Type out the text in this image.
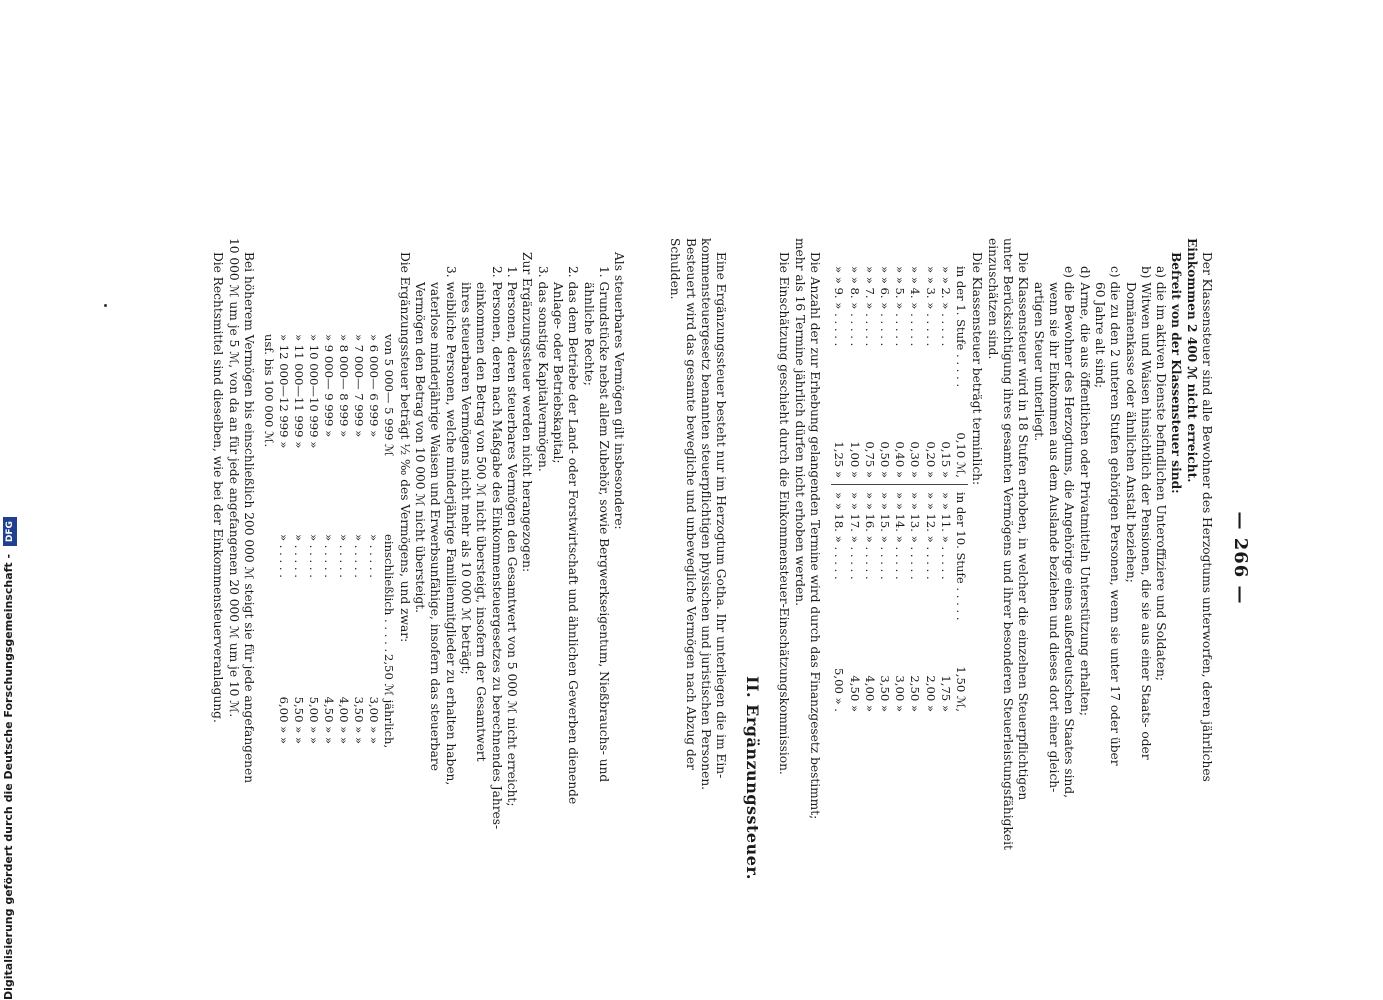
— 266 —
Der Klassensteuer sind alle Bewohner des Herzogtums unterworfen, deren jährliches
Einkommen 2 400 ℳ nicht erreicht.
Befreit von der Klassensteuer sind:
a) die im aktiven Dienste befindlichen Unteroffiziere und Soldaten;
b) Witwen und Waisen hinsichtlich der Pensionen, die sie aus einer Staats- oder
Domänenkasse oder ähnlichen Anstalt beziehen;
c) die zu den 2 unteren Stufen gehörigen Personen, wenn sie unter 17 oder über
60 Jahre alt sind;
d) Arme, die aus öffentlichen oder Privatmitteln Unterstützung erhalten;
e) die Bewohner des Herzogtums, die Angehörige eines außerdeutschen Staates sind,
wenn sie ihr Einkommen aus dem Auslande beziehen und dieses dort einer gleich-
artigen Steuer unterliegt.
Die Klassensteuer wird in 18 Stufen erhoben, in welcher die einzelnen Steuerpflichtigen
unter Berücksichtigung ihres gesamten Vermögens und ihrer besonderen Steuerleistungsfähigkeit
einzuschätzen sind.
Die Klassensteuer beträgt terminlich:
in der 1. Stufe . . . . .0,10 ℳ,in der 10. Stufe . . . . .1,50 ℳ,
» » 2. » . . . . .0,15 »» » 11. » . . . . .1,75 »
» » 3. » . . . . .0,20 »» » 12. » . . . . .2,00 »
» » 4. » . . . . .0,30 »» » 13. » . . . . .2,50 »
» » 5. » . . . . .0,40 »» » 14. » . . . . .3,00 »
» » 6. » . . . . .0,50 »» » 15. » . . . . .3,50 »
» » 7. » . . . . .0,75 »» » 16. » . . . . .4,00 »
» » 8. » . . . . .1,00 »» » 17. » . . . . .4,50 »
» » 9. » . . . . .1,25 »» » 18. » . . . . .5,00 » .
Die Anzahl der zur Erhebung gelangenden Termine wird durch das Finanzgesetz bestimmt;
mehr als 16 Termine jährlich dürfen nicht erhoben werden.
Die Einschätzung geschieht durch die Einkommensteuer-Einschätzungskommission.
II. Ergänzungssteuer.
Eine Ergänzungssteuer besteht nur im Herzogtum Gotha. Ihr unterliegen die im Ein-
kommensteuergesetz benannten steuerpflichtigen physischen und juristischen Personen.
Besteuert wird das gesamte bewegliche und unbewegliche Vermögen nach Abzug der
Schulden.
Als steuerbares Vermögen gilt insbesondere:
1. Grundstücke nebst allem Zubehör, sowie Bergwerkseigentum, Nießbrauchs- und
ähnliche Rechte;
2. das dem Betriebe der Land- oder Forstwirtschaft und ähnlichen Gewerben dienende
Anlage- oder Betriebskapital;
3. das sonstige Kapitalvermögen.
Zur Ergänzungssteuer werden nicht herangezogen:
1. Personen, deren steuerbares Vermögen den Gesamtwert von 5 000 ℳ nicht erreicht;
2. Personen, deren nach Maßgabe des Einkommensteuergesetzes zu berechnendes Jahres-
einkommen den Betrag von 500 ℳ nicht übersteigt, insofern der Gesamtwert
ihres steuerbaren Vermögens nicht mehr als 10 000 ℳ beträgt;
3. weibliche Personen, welche minderjährige Familienmitglieder zu erhalten haben,
vaterlose minderjährige Waisen und Erwerbsunfähige, insofern das steuerbare
Vermögen den Betrag von 10 000 ℳ nicht übersteigt.
Die Ergänzungssteuer beträgt ½ ‰ des Vermögens, und zwar:
von 5 000— 5 999 ℳeinschließlich . . . . .2,50 ℳ jährlich,
» 6 000— 6 999 »» . . . . .3,00 » »
» 7 000— 7 999 »» . . . . .3,50 » »
» 8 000— 8 999 »» . . . . .4,00 » »
» 9 000— 9 999 »» . . . . .4,50 » »
» 10 000—10 999 »» . . . . .5,00 » »
» 11 000—11 999 »» . . . . .5,50 » »
» 12 000—12 999 »» . . . . .6,00 » »
usf. bis 100 000 ℳ.
Bei höherem Vermögen bis einschließlich 200 000 ℳ steigt sie für jede angefangenen
10 000 ℳ um je 5 ℳ, von da an für jede angefangenen 20 000 ℳ um je 10 ℳ.
Die Rechtsmittel sind dieselben, wie bei der Einkommensteuerveranlagung.
Digitalisierung gefördert durch die Deutsche Forschungsgemeinschaft - DFG
